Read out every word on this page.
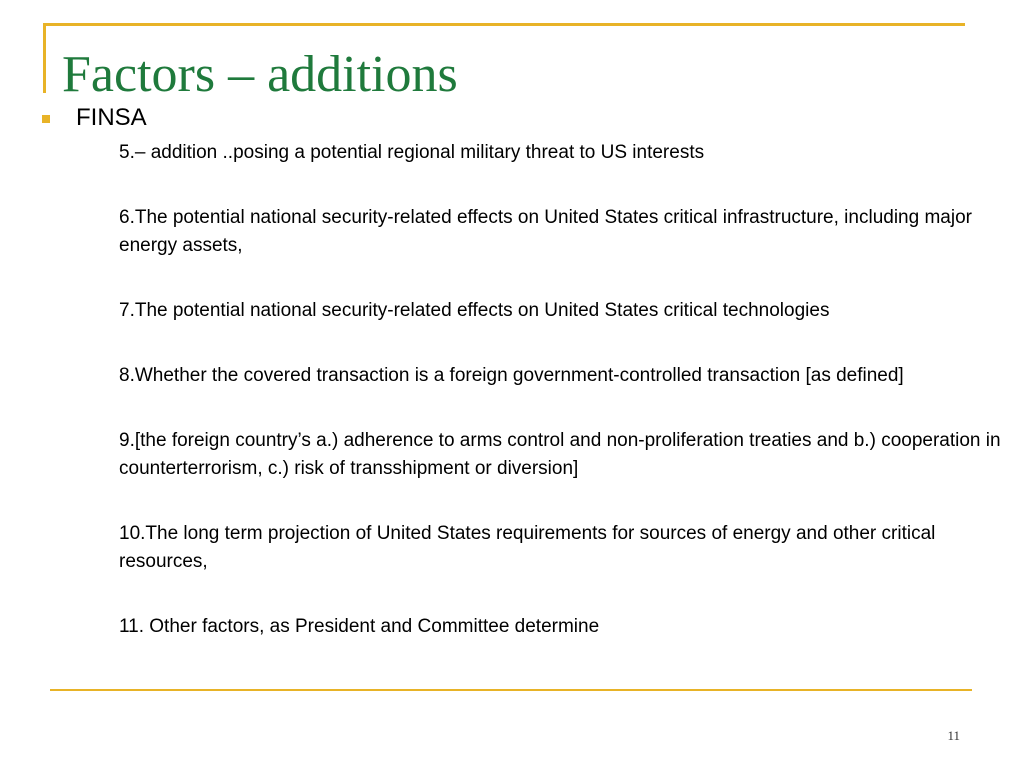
Factors – additions
FINSA
5.– addition ..posing a potential regional military threat to US interests
6.The potential national security-related effects on United States critical infrastructure, including major energy assets,
7.The potential national security-related effects on United States critical technologies
8.Whether the covered transaction is a foreign government-controlled transaction [as defined]
9.[the foreign country’s a.) adherence to arms control and non-proliferation treaties and b.) cooperation in counterterrorism, c.) risk of transshipment or diversion]
10.The long term projection of United States requirements for sources of energy and other critical resources,
11. Other factors, as President and Committee determine
11
